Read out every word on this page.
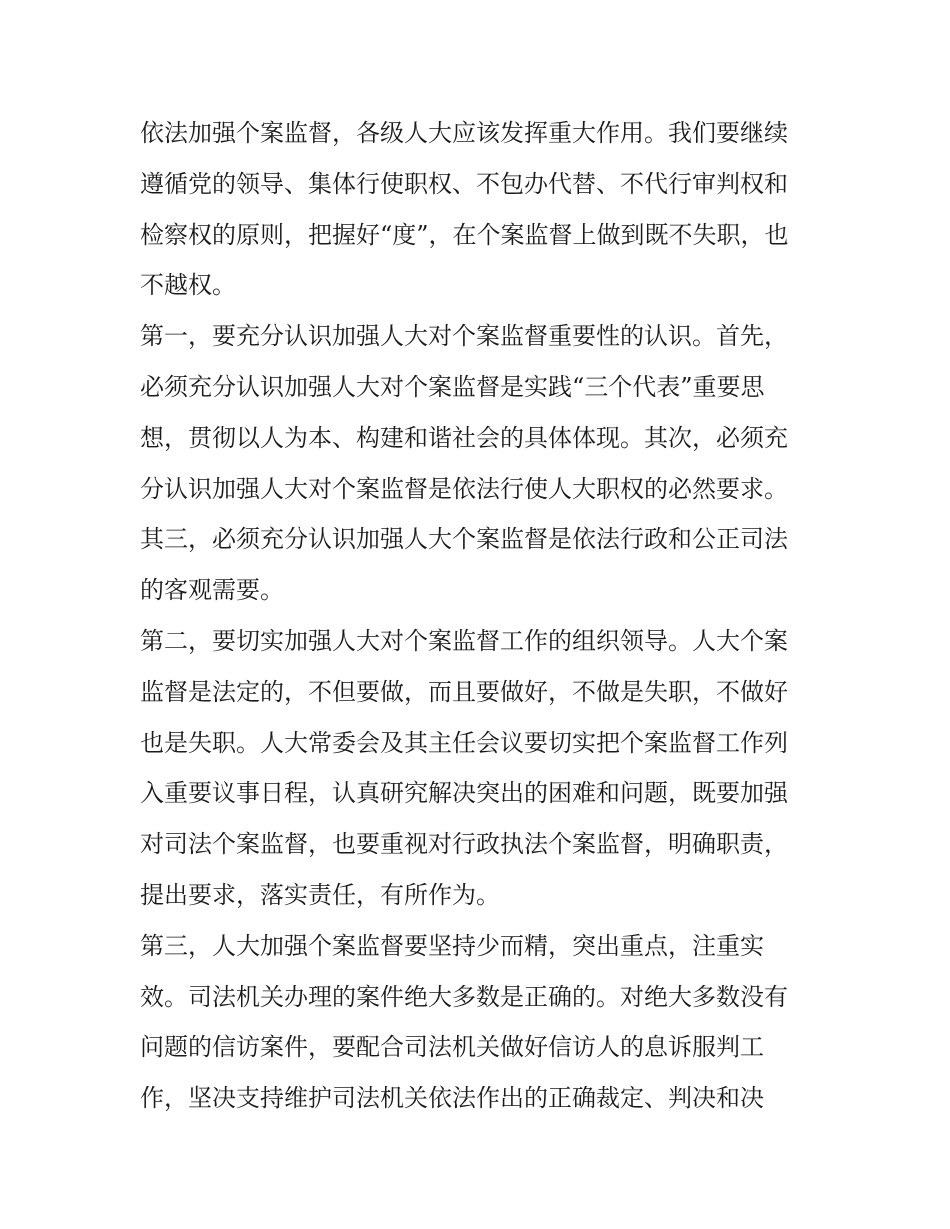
依法加强个案监督，各级人大应该发挥重大作用。我们要继续
遵循党的领导、集体行使职权、不包办代替、不代行审判权和
检察权的原则，把握好“度”，在个案监督上做到既不失职，也
不越权。
第一，要充分认识加强人大对个案监督重要性的认识。首先，
必须充分认识加强人大对个案监督是实践“三个代表”重要思
想，贯彻以人为本、构建和谐社会的具体体现。其次，必须充
分认识加强人大对个案监督是依法行使人大职权的必然要求。
其三，必须充分认识加强人大个案监督是依法行政和公正司法
的客观需要。
第二，要切实加强人大对个案监督工作的组织领导。人大个案
监督是法定的，不但要做，而且要做好，不做是失职，不做好
也是失职。人大常委会及其主任会议要切实把个案监督工作列
入重要议事日程，认真研究解决突出的困难和问题，既要加强
对司法个案监督，也要重视对行政执法个案监督，明确职责，
提出要求，落实责任，有所作为。
第三，人大加强个案监督要坚持少而精，突出重点，注重实
效。司法机关办理的案件绝大多数是正确的。对绝大多数没有
问题的信访案件，要配合司法机关做好信访人的息诉服判工
作，坚决支持维护司法机关依法作出的正确裁定、判决和决
